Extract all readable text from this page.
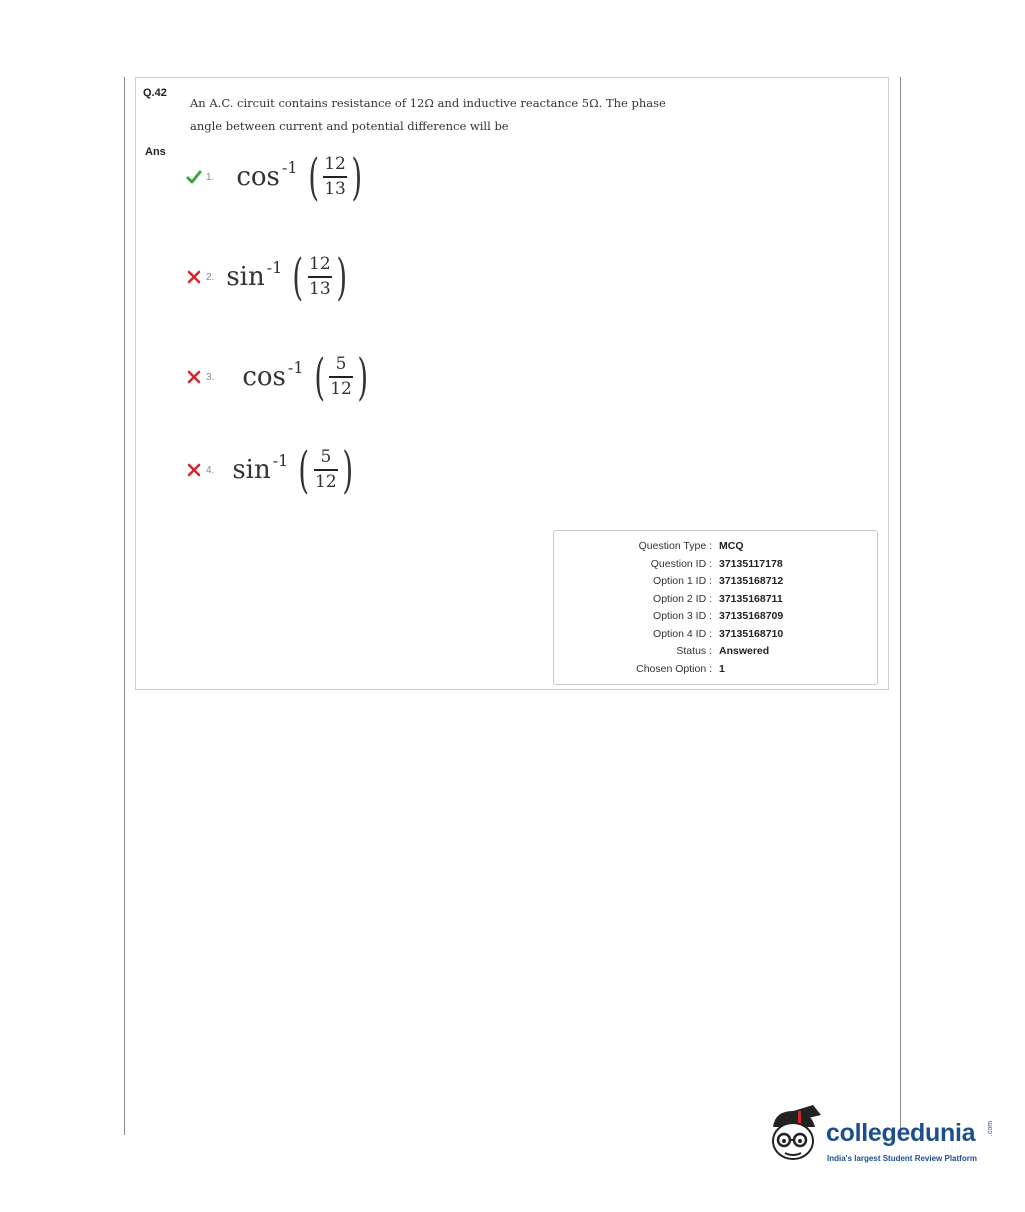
Q.42
An A.C. circuit contains resistance of 12Ω and inductive reactance 5Ω. The phase angle between current and potential difference will be
Ans
1. cos -1 ( $\frac{12}{13}$ )
2. sin -1 ( $\frac{12}{13}$ )
3. cos -1 ( $\frac{5}{12}$ )
4. sin -1 ( $\frac{5}{12}$ )
Question Type : MCQ
Question ID : 37135117178
Option 1 ID : 37135168712
Option 2 ID : 37135168711
Option 3 ID : 37135168709
Option 4 ID : 37135168710
Status : Answered
Chosen Option : 1
collegedunia .com
India's largest Student Review Platform
